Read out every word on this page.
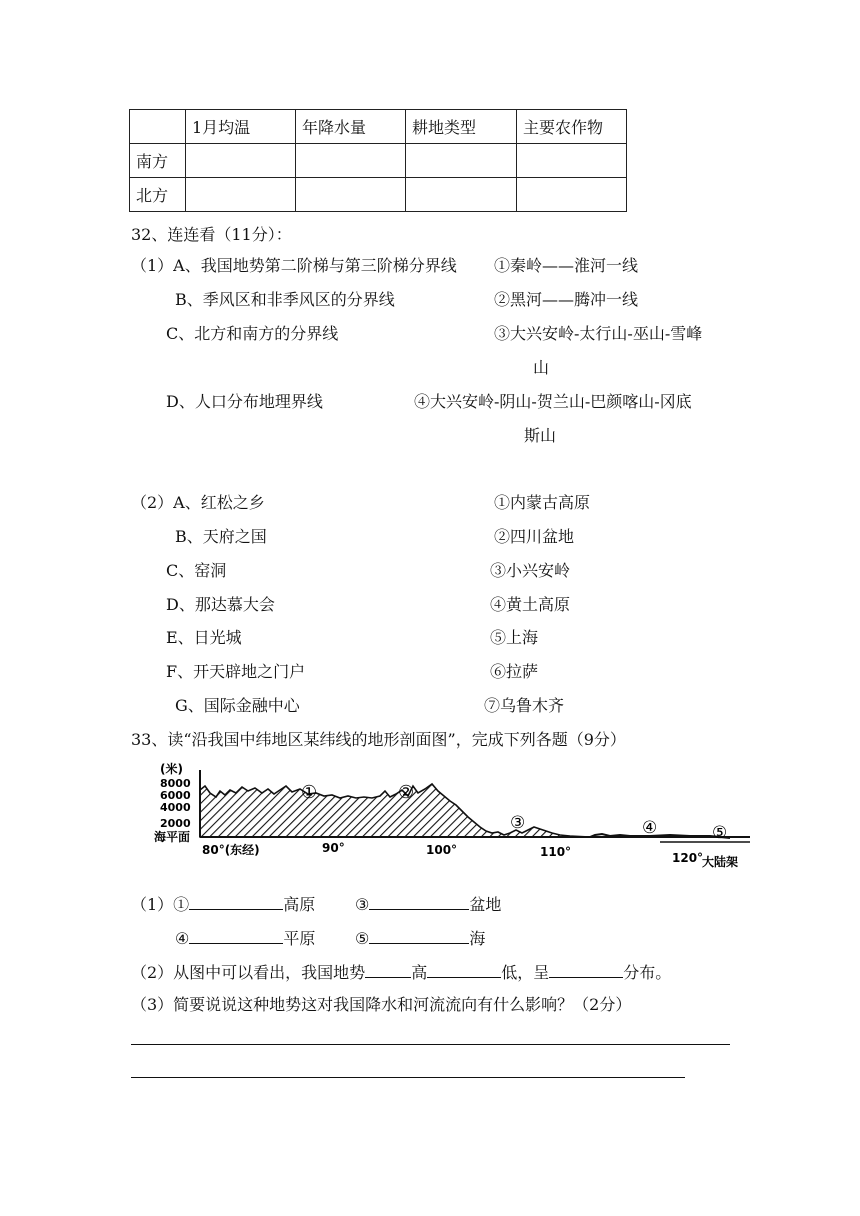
	1月均温	年降水量	耕地类型	主要农作物
南方				
北方				
32、连连看（11分）：
（1）A、我国地势第二阶梯与第三阶梯分界线 ①秦岭——淮河一线
B、季风区和非季风区的分界线	②黑河——腾冲一线
C、北方和南方的分界线	③大兴安岭-太行山-巫山-雪峰
山
D、人口分布地理界线	④大兴安岭-阴山-贺兰山-巴颜喀山-冈底
斯山
（2）A、红松之乡	①内蒙古高原
B、天府之国	②四川盆地
C、窑洞	③小兴安岭
D、那达慕大会	④黄土高原
E、日光城	⑤上海
F、开天辟地之门户	⑥拉萨
G、国际金融中心	⑦乌鲁木齐
33、读“沿我国中纬地区某纬线的地形剖面图”，完成下列各题（9分）
(米)
8000
6000
4000
2000
海平面
80°(东经)	90°	100°	110°	120°
大陆架
①	②
③	④	⑤
（1）①	高原 ③	盆地
④	平原 ⑤	海
（2）从图中可以看出，我国地势	高	低，呈	分布。
（3）简要说说这种地势这对我国降水和河流流向有什么影响？（2分）
